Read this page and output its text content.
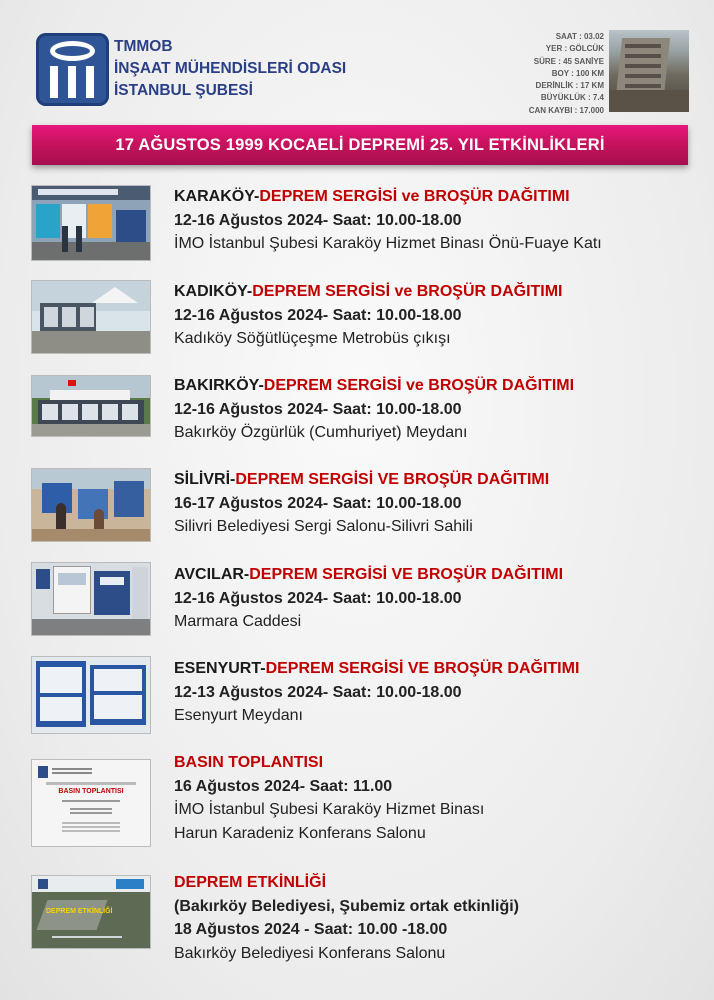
TMMOB
İNŞAAT MÜHENDİSLERİ ODASI
İSTANBUL ŞUBESİ
SAAT : 03.02
YER : GÖLCÜK
SÜRE : 45 SANİYE
BOY : 100 KM
DERİNLİK : 17 KM
BÜYÜKLÜK : 7.4
CAN KAYBI : 17.000
17 AĞUSTOS 1999 KOCAELİ DEPREMİ 25. YIL ETKİNLİKLERİ
KARAKÖY-DEPREM SERGİSİ ve BROŞÜR DAĞITIMI
12-16 Ağustos 2024- Saat: 10.00-18.00
İMO İstanbul Şubesi Karaköy Hizmet Binası Önü-Fuaye Katı
KADIKÖY-DEPREM SERGİSİ ve BROŞÜR DAĞITIMI
12-16 Ağustos 2024- Saat: 10.00-18.00
Kadıköy Söğütlüçeşme Metrobüs çıkışı
BAKIRKÖY-DEPREM SERGİSİ ve BROŞÜR DAĞITIMI
12-16 Ağustos 2024- Saat: 10.00-18.00
Bakırköy Özgürlük (Cumhuriyet) Meydanı
SİLİVRİ-DEPREM SERGİSİ VE BROŞÜR DAĞITIMI
16-17 Ağustos 2024- Saat: 10.00-18.00
Silivri Belediyesi Sergi Salonu-Silivri Sahili
AVCILAR-DEPREM SERGİSİ VE BROŞÜR DAĞITIMI
12-16 Ağustos 2024- Saat: 10.00-18.00
Marmara Caddesi
ESENYURT-DEPREM SERGİSİ VE BROŞÜR DAĞITIMI
12-13 Ağustos 2024- Saat: 10.00-18.00
Esenyurt Meydanı
BASIN TOPLANTISI
BASIN TOPLANTISI
16 Ağustos 2024- Saat: 11.00
İMO İstanbul Şubesi Karaköy Hizmet Binası
Harun Karadeniz Konferans Salonu
DEPREM ETKİNLİĞİ
DEPREM ETKİNLİĞİ
(Bakırköy Belediyesi, Şubemiz ortak etkinliği)
18 Ağustos 2024 - Saat: 10.00 -18.00
Bakırköy Belediyesi Konferans Salonu
